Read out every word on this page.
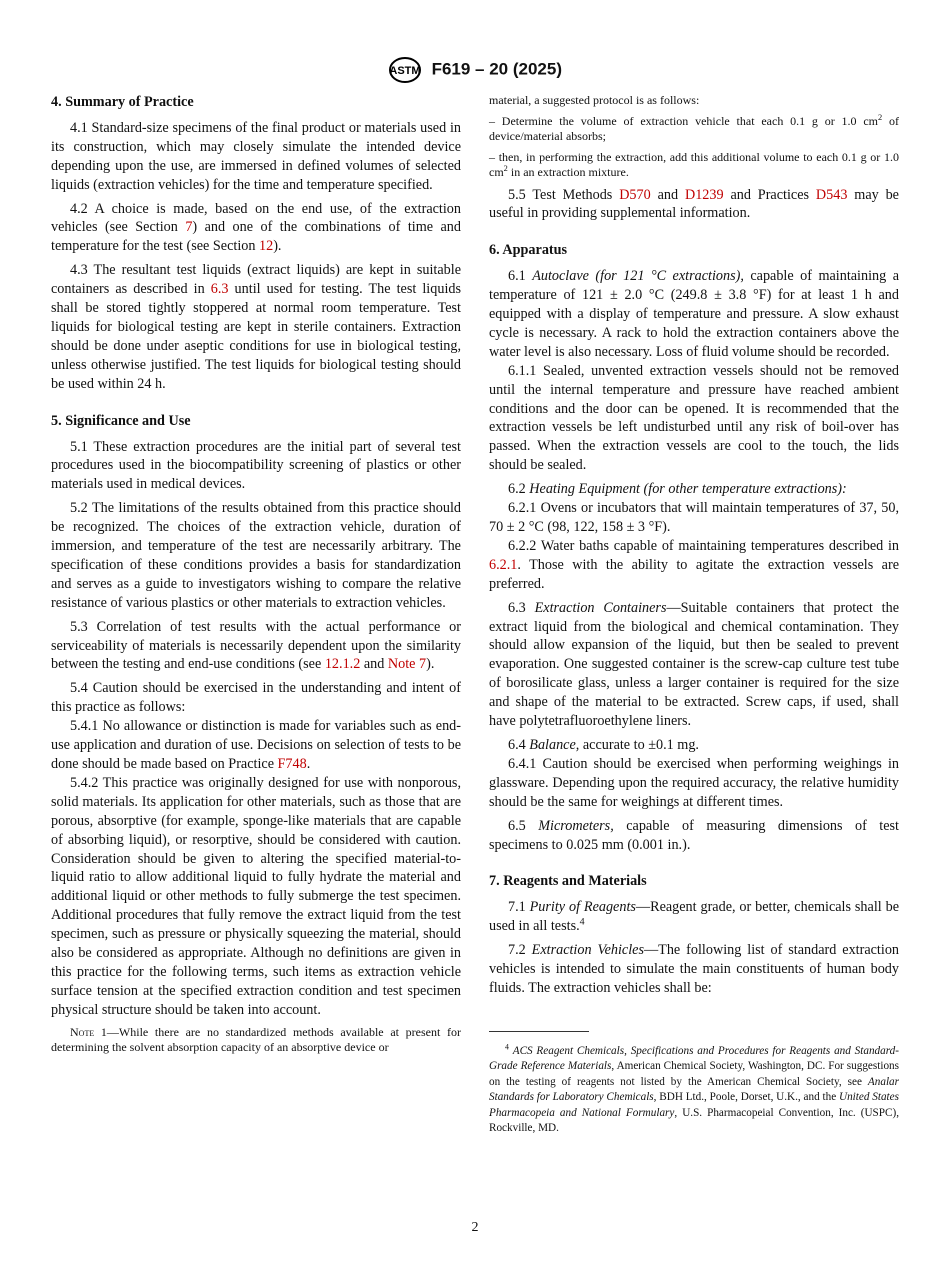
ASTM F619 – 20 (2025)
4. Summary of Practice

4.1 Standard-size specimens of the final product or materials used in its construction, which may closely simulate the intended device depending upon the use, are immersed in defined volumes of selected liquids (extraction vehicles) for the time and temperature specified.

4.2 A choice is made, based on the end use, of the extraction vehicles (see Section 7) and one of the combinations of time and temperature for the test (see Section 12).

4.3 The resultant test liquids (extract liquids) are kept in suitable containers as described in 6.3 until used for testing. The test liquids shall be stored tightly stoppered at normal room temperature. Test liquids for biological testing are kept in sterile containers. Extraction should be done under aseptic conditions for use in biological testing, unless otherwise justified. The test liquids for biological testing should be used within 24 h.

5. Significance and Use

5.1 These extraction procedures are the initial part of several test procedures used in the biocompatibility screening of plastics or other materials used in medical devices.

5.2 The limitations of the results obtained from this practice should be recognized. The choices of the extraction vehicle, duration of immersion, and temperature of the test are necessarily arbitrary. The specification of these conditions provides a basis for standardization and serves as a guide to investigators wishing to compare the relative resistance of various plastics or other materials to extraction vehicles.

5.3 Correlation of test results with the actual performance or serviceability of materials is necessarily dependent upon the similarity between the testing and end-use conditions (see 12.1.2 and Note 7).

5.4 Caution should be exercised in the understanding and intent of this practice as follows:

5.4.1 No allowance or distinction is made for variables such as end-use application and duration of use. Decisions on selection of tests to be done should be made based on Practice F748.

5.4.2 This practice was originally designed for use with nonporous, solid materials. Its application for other materials, such as those that are porous, absorptive (for example, sponge-like materials that are capable of absorbing liquid), or resorptive, should be considered with caution. Consideration should be given to altering the specified material-to-liquid ratio to allow additional liquid to fully hydrate the material and additional liquid or other methods to fully submerge the test specimen. Additional procedures that fully remove the extract liquid from the test specimen, such as pressure or physically squeezing the material, should also be considered as appropriate. Although no definitions are given in this practice for the following terms, such items as extraction vehicle surface tension at the specified extraction condition and test specimen physical structure should be taken into account.

Note 1—While there are no standardized methods available at present for determining the solvent absorption capacity of an absorptive device or

material, a suggested protocol is as follows:

– Determine the volume of extraction vehicle that each 0.1 g or 1.0 $cm^2$ of device/material absorbs;

– then, in performing the extraction, add this additional volume to each 0.1 g or 1.0 $cm^2$ in an extraction mixture.

5.5 Test Methods D570 and D1239 and Practices D543 may be useful in providing supplemental information.

6. Apparatus

6.1 Autoclave (for 121 °C extractions), capable of maintaining a temperature of 121 ± 2.0 °C (249.8 ± 3.8 °F) for at least 1 h and equipped with a display of temperature and pressure. A slow exhaust cycle is necessary. A rack to hold the extraction containers above the water level is also necessary. Loss of fluid volume should be recorded.

6.1.1 Sealed, unvented extraction vessels should not be removed until the internal temperature and pressure have reached ambient conditions and the door can be opened. It is recommended that the extraction vessels be left undisturbed until any risk of boil-over has passed. When the extraction vessels are cool to the touch, the lids should be sealed.

6.2 Heating Equipment (for other temperature extractions):

6.2.1 Ovens or incubators that will maintain temperatures of 37, 50, 70 ± 2 °C (98, 122, 158 ± 3 °F).

6.2.2 Water baths capable of maintaining temperatures described in 6.2.1. Those with the ability to agitate the extraction vessels are preferred.

6.3 Extraction Containers—Suitable containers that protect the extract liquid from the biological and chemical contamination. They should allow expansion of the liquid, but then be sealed to prevent evaporation. One suggested container is the screw-cap culture test tube of borosilicate glass, unless a larger container is required for the size and shape of the material to be extracted. Screw caps, if used, shall have polytetrafluoroethylene liners.

6.4 Balance, accurate to ±0.1 mg.

6.4.1 Caution should be exercised when performing weighings in glassware. Depending upon the required accuracy, the relative humidity should be the same for weighings at different times.

6.5 Micrometers, capable of measuring dimensions of test specimens to 0.025 mm (0.001 in.).

7. Reagents and Materials

7.1 Purity of Reagents—Reagent grade, or better, chemicals shall be used in all tests.$^4$

7.2 Extraction Vehicles—The following list of standard extraction vehicles is intended to simulate the main constituents of human body fluids. The extraction vehicles shall be:

$^4$ ACS Reagent Chemicals, Specifications and Procedures for Reagents and Standard-Grade Reference Materials, American Chemical Society, Washington, DC. For suggestions on the testing of reagents not listed by the American Chemical Society, see Analar Standards for Laboratory Chemicals, BDH Ltd., Poole, Dorset, U.K., and the United States Pharmacopeia and National Formulary, U.S. Pharmacopeial Convention, Inc. (USPC), Rockville, MD.

2
